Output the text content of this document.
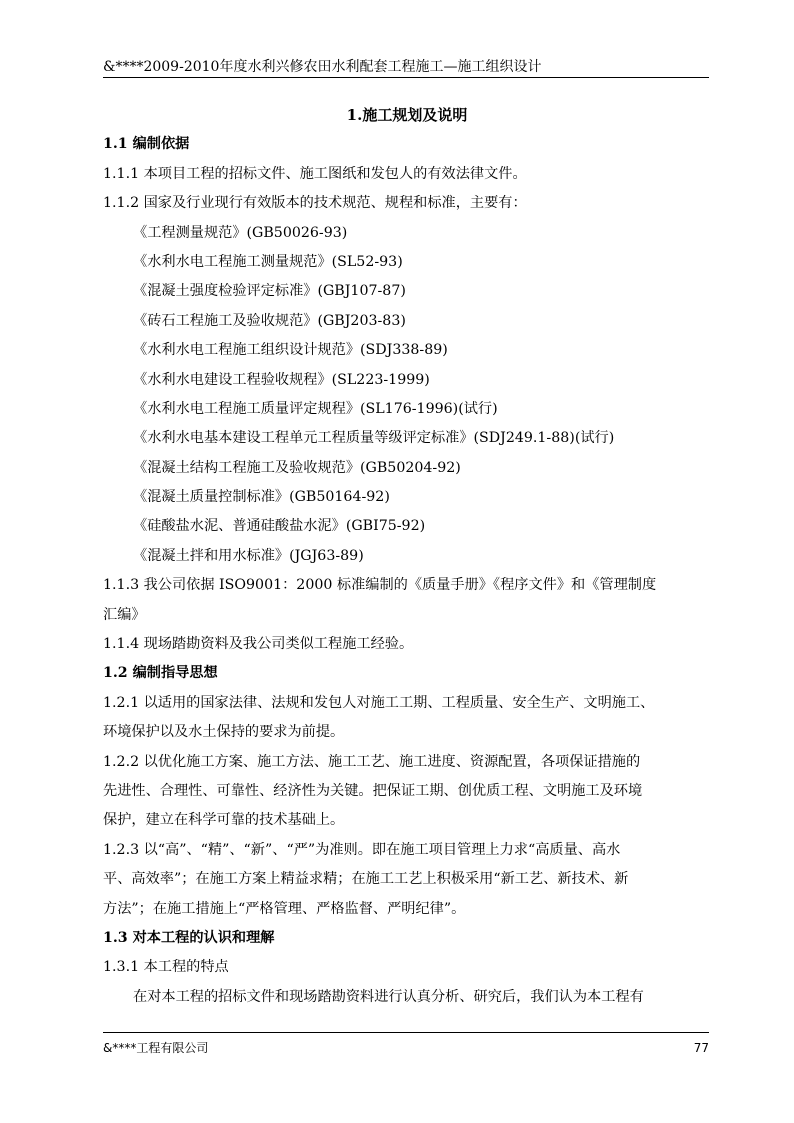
&****2009-2010年度水利兴修农田水利配套工程施工—施工组织设计
1.施工规划及说明
1.1 编制依据
1.1.1 本项目工程的招标文件、施工图纸和发包人的有效法律文件。
1.1.2 国家及行业现行有效版本的技术规范、规程和标准，主要有：
《工程测量规范》(GB50026-93)
《水利水电工程施工测量规范》(SL52-93)
《混凝土强度检验评定标准》(GBJ107-87)
《砖石工程施工及验收规范》(GBJ203-83)
《水利水电工程施工组织设计规范》(SDJ338-89)
《水利水电建设工程验收规程》(SL223-1999)
《水利水电工程施工质量评定规程》(SL176-1996)(试行)
《水利水电基本建设工程单元工程质量等级评定标准》(SDJ249.1-88)(试行)
《混凝土结构工程施工及验收规范》(GB50204-92)
《混凝土质量控制标准》(GB50164-92)
《硅酸盐水泥、普通硅酸盐水泥》(GBI75-92)
《混凝土拌和用水标准》(JGJ63-89)
1.1.3 我公司依据 ISO9001：2000 标准编制的《质量手册》《程序文件》和《管理制度
汇编》
1.1.4 现场踏勘资料及我公司类似工程施工经验。
1.2 编制指导思想
1.2.1 以适用的国家法律、法规和发包人对施工工期、工程质量、安全生产、文明施工、
环境保护以及水土保持的要求为前提。
1.2.2 以优化施工方案、施工方法、施工工艺、施工进度、资源配置，各项保证措施的
先进性、合理性、可靠性、经济性为关键。把保证工期、创优质工程、文明施工及环境
保护，建立在科学可靠的技术基础上。
1.2.3 以“高”、“精”、“新”、“严”为准则。即在施工项目管理上力求“高质量、高水
平、高效率”；在施工方案上精益求精；在施工工艺上积极采用“新工艺、新技术、新
方法”；在施工措施上“严格管理、严格监督、严明纪律”。
1.3 对本工程的认识和理解
1.3.1 本工程的特点
在对本工程的招标文件和现场踏勘资料进行认真分析、研究后，我们认为本工程有
&****工程有限公司	77
